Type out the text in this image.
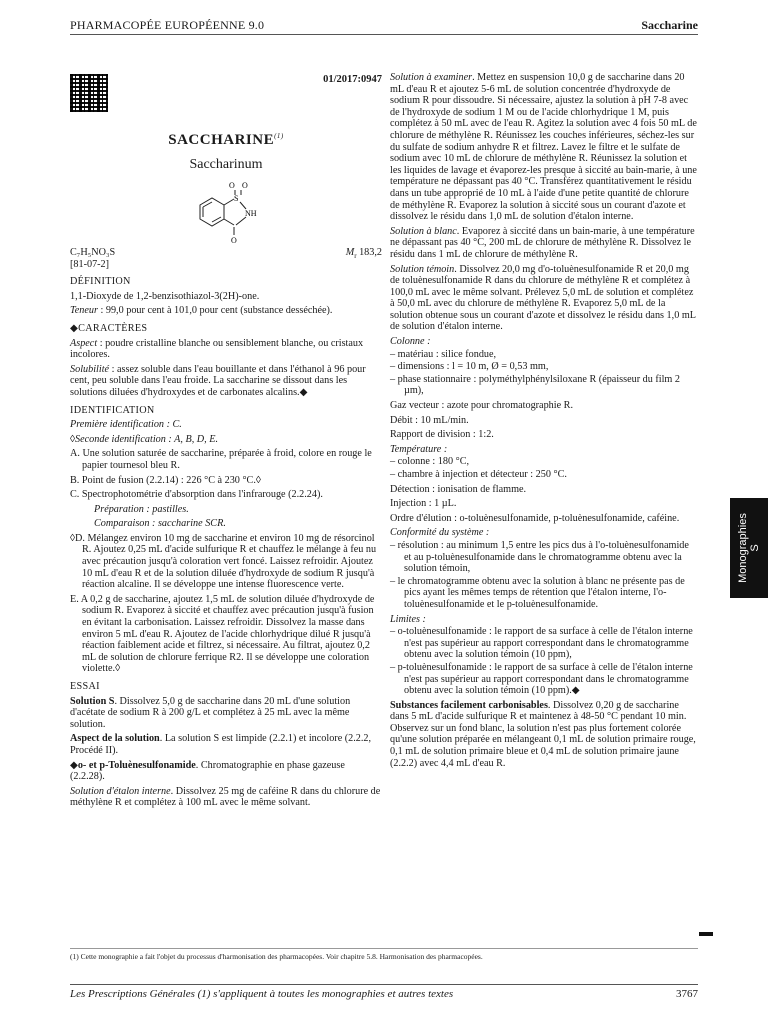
PHARMACOPÉE EUROPÉENNE 9.0	Saccharine
01/2017:0947
SACCHARINE$^{(1)}$
Saccharinum
O
S
O
NH
O
C₇H₅NO₃S	$M_r$ 183,2

[81-07-2]

DÉFINITION

1,1-Dioxyde de 1,2-benzisothiazol-3(2H)-one.

Teneur : 99,0 pour cent à 101,0 pour cent (substance desséchée).

◆CARACTÈRES

Aspect : poudre cristalline blanche ou sensiblement blanche, ou cristaux incolores.

Solubilité : assez soluble dans l'eau bouillante et dans l'éthanol à 96 pour cent, peu soluble dans l'eau froide. La saccharine se dissout dans les solutions diluées d'hydroxydes et de carbonates alcalins.◆

IDENTIFICATION

Première identification : C.

◊Seconde identification : A, B, D, E.

A. Une solution saturée de saccharine, préparée à froid, colore en rouge le papier tournesol bleu R.

B. Point de fusion (2.2.14) : 226 °C à 230 °C.◊

C. Spectrophotométrie d'absorption dans l'infrarouge (2.2.24).

Préparation : pastilles.

Comparaison : saccharine SCR.

◊D. Mélangez environ 10 mg de saccharine et environ 10 mg de résorcinol R. Ajoutez 0,25 mL d'acide sulfurique R et chauffez le mélange à feu nu avec précaution jusqu'à coloration vert foncé. Laissez refroidir. Ajoutez 10 mL d'eau R et de la solution diluée d'hydroxyde de sodium R jusqu'à réaction alcaline. Il se développe une intense fluorescence verte.

E. A 0,2 g de saccharine, ajoutez 1,5 mL de solution diluée d'hydroxyde de sodium R. Evaporez à siccité et chauffez avec précaution jusqu'à fusion en évitant la carbonisation. Laissez refroidir. Dissolvez la masse dans environ 5 mL d'eau R. Ajoutez de l'acide chlorhydrique dilué R jusqu'à réaction faiblement acide et filtrez, si nécessaire. Au filtrat, ajoutez 0,2 mL de solution de chlorure ferrique R2. Il se développe une coloration violette.◊

ESSAI

Solution S. Dissolvez 5,0 g de saccharine dans 20 mL d'une solution d'acétate de sodium R à 200 g/L et complétez à 25 mL avec la même solution.

Aspect de la solution. La solution S est limpide (2.2.1) et incolore (2.2.2, Procédé II).

◆o- et p-Toluènesulfonamide. Chromatographie en phase gazeuse (2.2.28).

Solution d'étalon interne. Dissolvez 25 mg de caféine R dans du chlorure de méthylène R et complétez à 100 mL avec le même solvant.

Solution à examiner. Mettez en suspension 10,0 g de saccharine dans 20 mL d'eau R et ajoutez 5-6 mL de solution concentrée d'hydroxyde de sodium R pour dissoudre. Si nécessaire, ajustez la solution à pH 7-8 avec de l'hydroxyde de sodium 1 M ou de l'acide chlorhydrique 1 M, puis complétez à 50 mL avec de l'eau R. Agitez la solution avec 4 fois 50 mL de chlorure de méthylène R. Réunissez les couches inférieures, séchez-les sur du sulfate de sodium anhydre R et filtrez. Lavez le filtre et le sulfate de sodium avec 10 mL de chlorure de méthylène R. Réunissez la solution et les liquides de lavage et évaporez-les presque à siccité au bain-marie, à une température ne dépassant pas 40 °C. Transférez quantitativement le résidu dans un tube approprié de 10 mL à l'aide d'une petite quantité de chlorure de méthylène R. Evaporez la solution à siccité sous un courant d'azote et dissolvez le résidu dans 1,0 mL de solution d'étalon interne.

Solution à blanc. Evaporez à siccité dans un bain-marie, à une température ne dépassant pas 40 °C, 200 mL de chlorure de méthylène R. Dissolvez le résidu dans 1 mL de chlorure de méthylène R.

Solution témoin. Dissolvez 20,0 mg d'o-toluènesulfonamide R et 20,0 mg de toluènesulfonamide R dans du chlorure de méthylène R et complétez à 100,0 mL avec le même solvant. Prélevez 5,0 mL de solution et complétez à 50,0 mL avec du chlorure de méthylène R. Evaporez 5,0 mL de la solution obtenue sous un courant d'azote et dissolvez le résidu dans 1,0 mL de solution d'étalon interne.

Colonne :

– matériau : silice fondue,

– dimensions : l = 10 m, Ø = 0,53 mm,

– phase stationnaire : polyméthylphénylsiloxane R (épaisseur du film 2 µm),

Gaz vecteur : azote pour chromatographie R.

Débit : 10 mL/min.

Rapport de division : 1:2.

Température :

– colonne : 180 °C,

– chambre à injection et détecteur : 250 °C.

Détection : ionisation de flamme.

Injection : 1 µL.

Ordre d'élution : o-toluènesulfonamide, p-toluènesulfonamide, caféine.

Conformité du système :

– résolution : au minimum 1,5 entre les pics dus à l'o-toluènesulfonamide et au p-toluènesulfonamide dans le chromatogramme obtenu avec la solution témoin,

– le chromatogramme obtenu avec la solution à blanc ne présente pas de pics ayant les mêmes temps de rétention que l'étalon interne, l'o-toluènesulfonamide et le p-toluènesulfonamide.

Limites :

– o-toluènesulfonamide : le rapport de sa surface à celle de l'étalon interne n'est pas supérieur au rapport correspondant dans le chromatogramme obtenu avec la solution témoin (10 ppm),

– p-toluènesulfonamide : le rapport de sa surface à celle de l'étalon interne n'est pas supérieur au rapport correspondant dans le chromatogramme obtenu avec la solution témoin (10 ppm).◆

Substances facilement carbonisables. Dissolvez 0,20 g de saccharine dans 5 mL d'acide sulfurique R et maintenez à 48-50 °C pendant 10 min. Observez sur un fond blanc, la solution n'est pas plus fortement colorée qu'une solution préparée en mélangeant 0,1 mL de solution primaire rouge, 0,1 mL de solution primaire bleue et 0,4 mL de solution primaire jaune (2.2.2) avec 4,4 mL d'eau R.

Monographies
S
(1) Cette monographie a fait l'objet du processus d'harmonisation des pharmacopées. Voir chapitre 5.8. Harmonisation des pharmacopées.
Les Prescriptions Générales (1) s'appliquent à toutes les monographies et autres textes	3767
